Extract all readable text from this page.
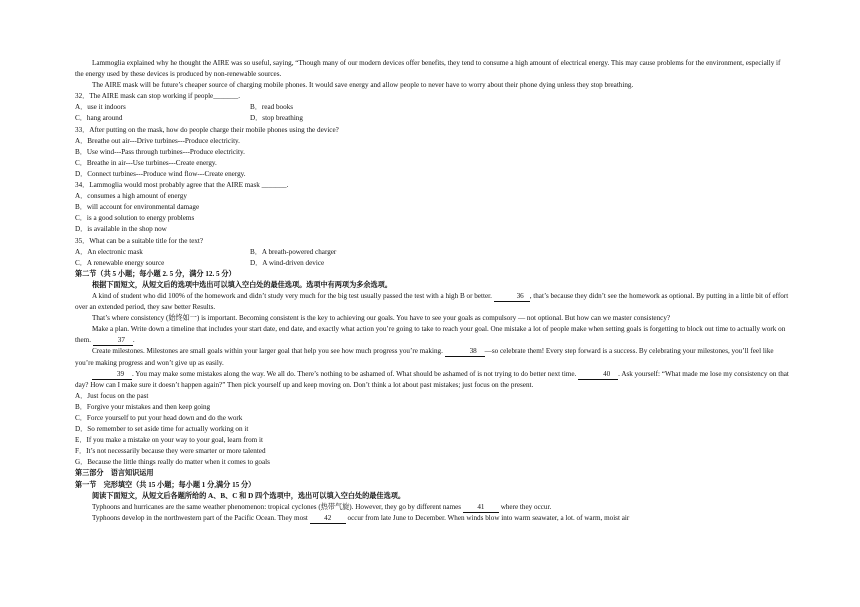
Lammoglia explained why he thought the AIRE was so useful, saying, “Though many of our modern devices offer benefits, they tend to consume a high amount of electrical energy. This may cause problems for the environment, especially if the energy used by these devices is produced by non-renewable sources.
The AIRE mask will be future’s cheaper source of charging mobile phones. It would save energy and allow people to never have to worry about their phone dying unless they stop breathing.
32．The AIRE mask can stop working if people_______.
A．use it indoors	B．read books
C．hang around	D．stop breathing
33．After putting on the mask, how do people charge their mobile phones using the device?
A．Breathe out air---Drive turbines---Produce electricity.
B．Use wind---Pass through turbines---Produce electricity.
C．Breathe in air---Use turbines---Create energy.
D．Connect turbines---Produce wind flow---Create energy.
34．Lammoglia would most probably agree that the AIRE mask _______.
A．consumes a high amount of energy
B．will account for environmental damage
C．is a good solution to energy problems
D．is available in the shop now
35．What can be a suitable title for the text?
A．An electronic mask	B．A breath-powered charger
C．A renewable energy source	D．A wind-driven device
第二节（共 5 小题；每小题 2. 5 分，满分 12. 5 分）
根据下面短文，从短文后的选项中选出可以填入空白处的最佳选项。选项中有两项为多余选项。
A kind of student who did 100% of the homework and didn’t study very much for the big test usually passed the test with a high B or better.	36 , that’s because they didn’t see the homework as optional. By putting in a little bit of effort over an extended period, they saw better Results.
That’s where consistency (始终如一) is important. Becoming consistent is the key to achieving our goals. You have to see your goals as compulsory — not optional. But how can we master consistency?
Make a plan. Write down a timeline that includes your start date, end date, and exactly what action you’re going to take to reach your goal. One mistake a lot of people make when setting goals is forgetting to block out time to actually work on them.	37 .
Create milestones. Milestones are small goals within your larger goal that help you see how much progress you’re making.	38 —so celebrate them! Every step forward is a success. By celebrating your milestones, you’ll feel like you’re making progress and won’t give up as easily.
39 . You may make some mistakes along the way. We all do. There’s nothing to be ashamed of. What should be ashamed of is not trying to do better next time.	40 . Ask yourself: “What made me lose my consistency on that day? How can I make sure it doesn’t happen again?” Then pick yourself up and keep moving on. Don’t think a lot about past mistakes; just focus on the present.
A．Just focus on the past
B．Forgive your mistakes and then keep going
C．Force yourself to put your head down and do the work
D．So remember to set aside time for actually working on it
E．If you make a mistake on your way to your goal, learn from it
F．It’s not necessarily because they were smarter or more talented
G．Because the little things really do matter when it comes to goals
第三部分　语言知识运用
第一节　完形填空（共 15 小题；每小题 1 分,满分 15 分）
阅读下面短文，从短文后各题所给的 A、B、C 和 D 四个选项中，选出可以填入空白处的最佳选项。
Typhoons and hurricanes are the same weather phenomenon: tropical cyclones (热带气旋). However, they go by different names 41 where they occur.
Typhoons develop in the northwestern part of the Pacific Ocean. They most 42 occur from late June to December. When winds blow into warm seawater, a lot. of warm, moist air
